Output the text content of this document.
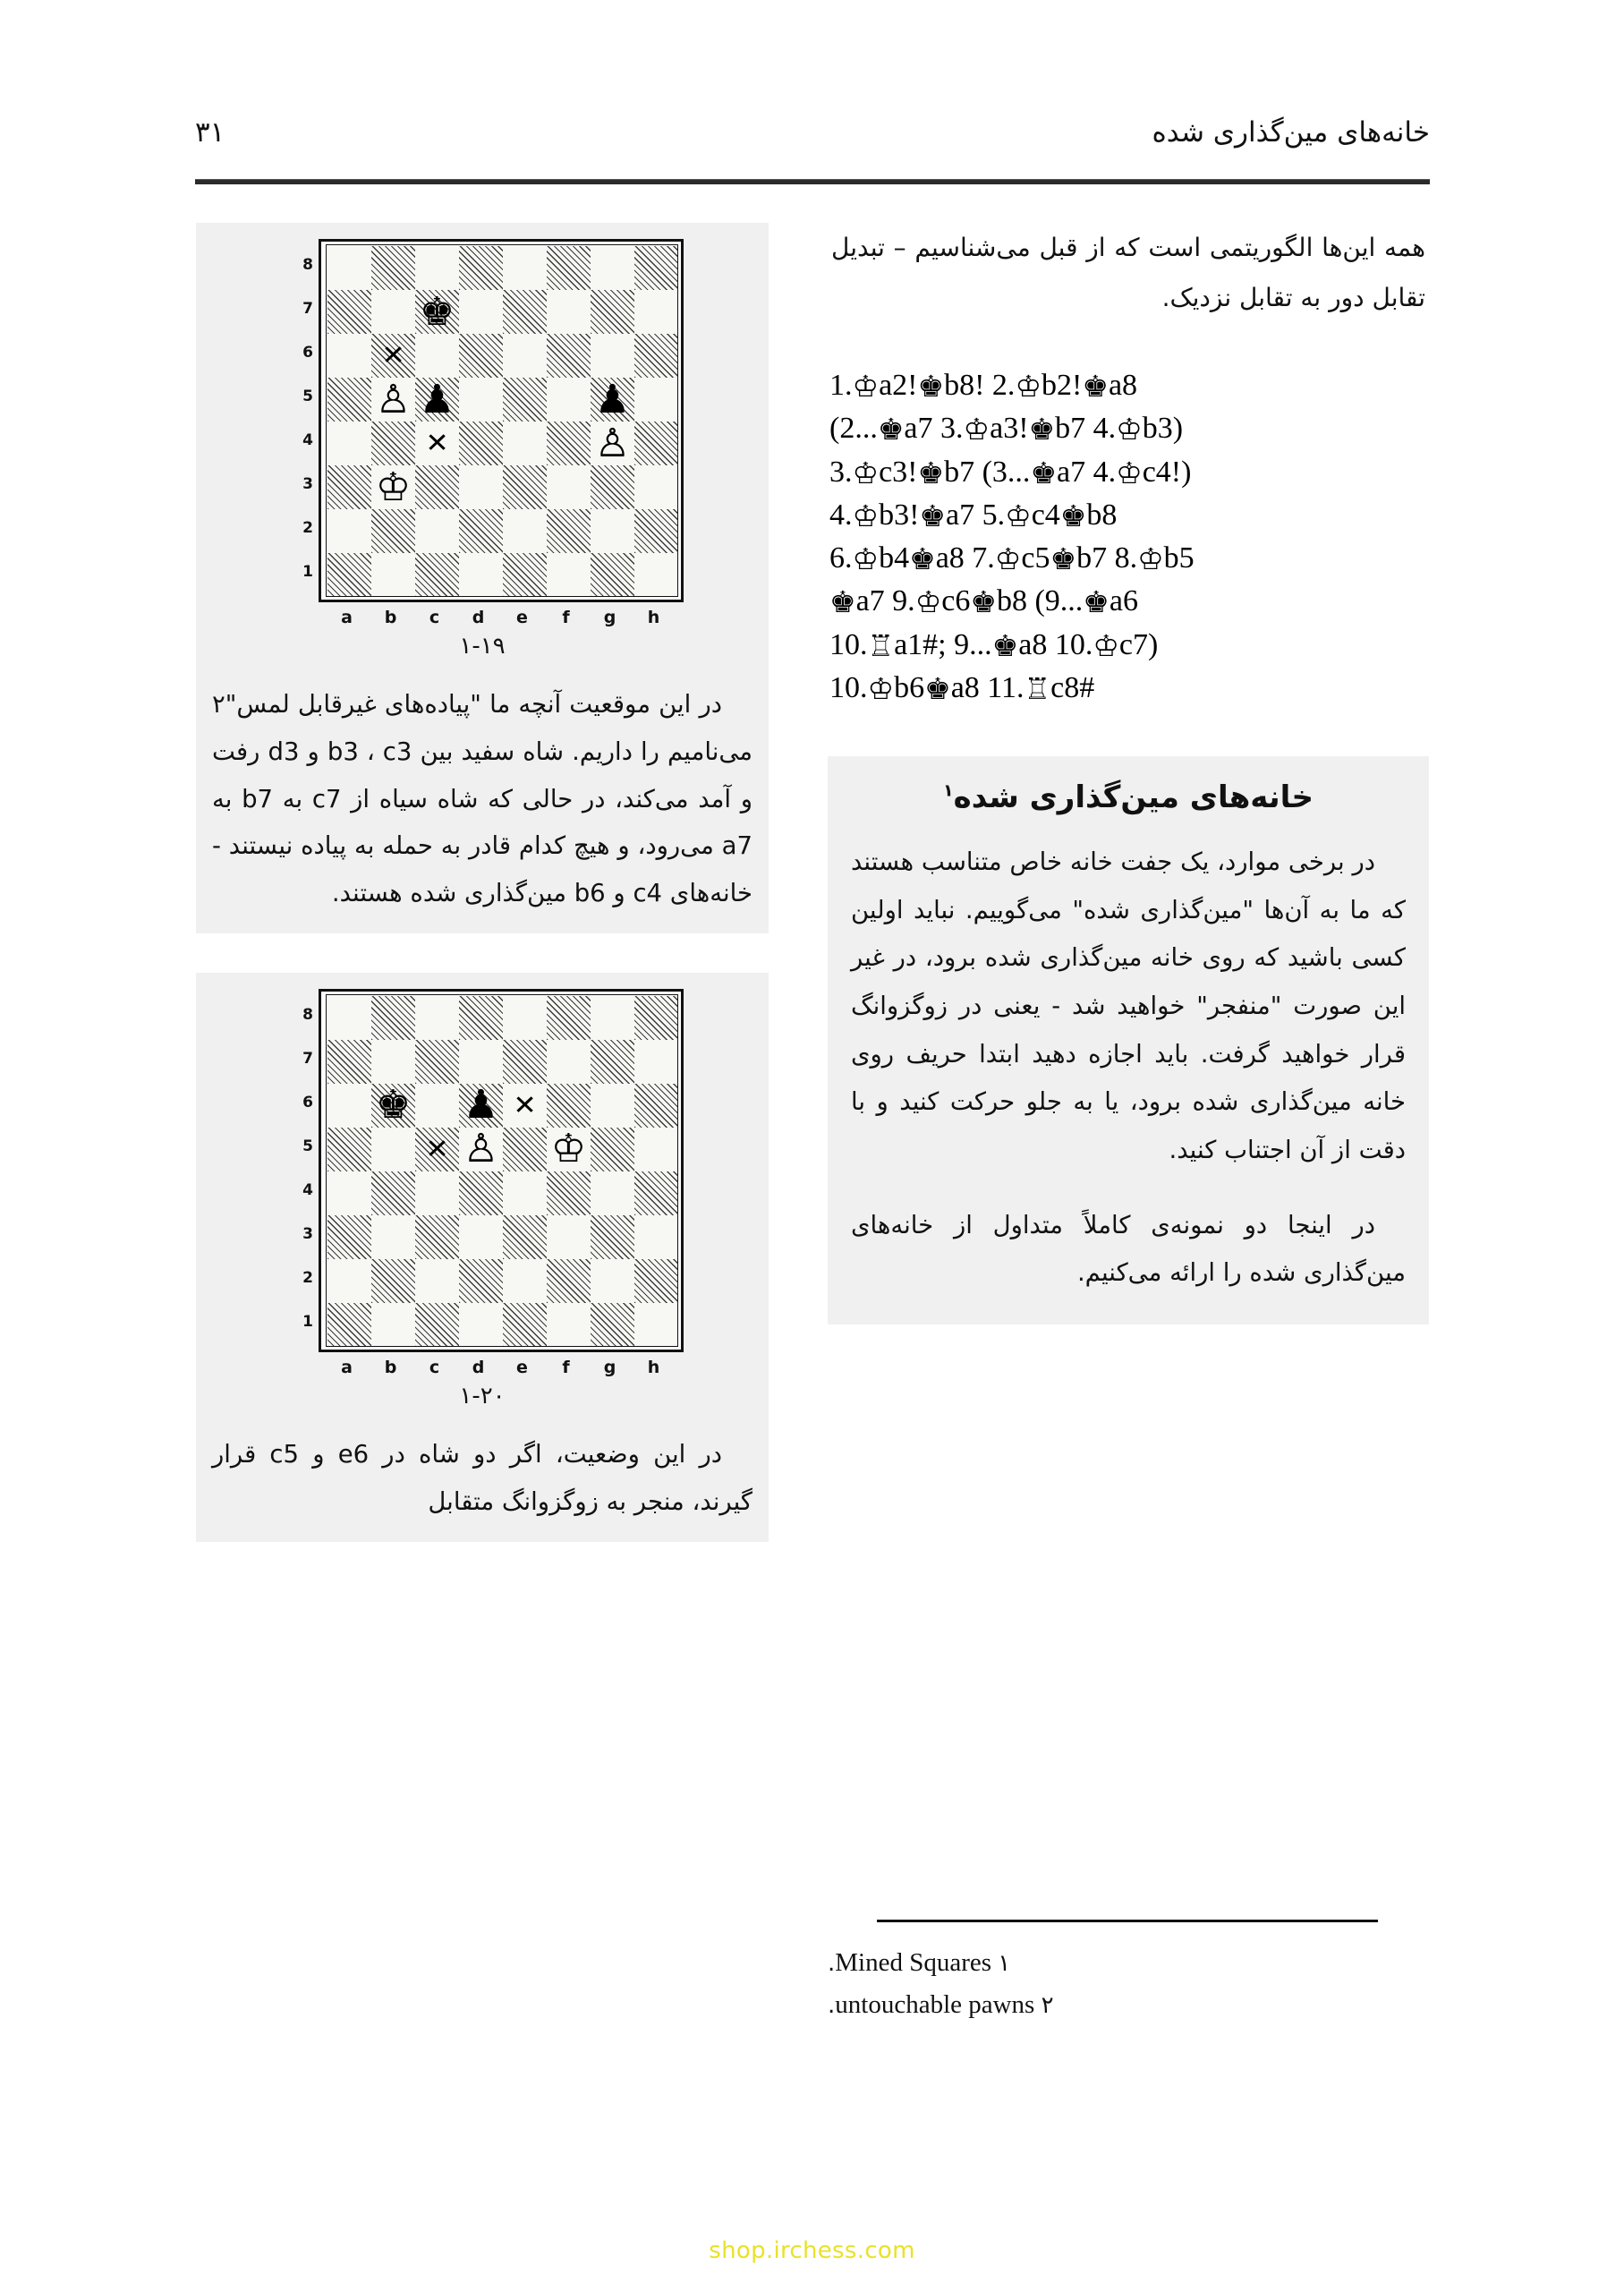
خانه‌های مین‌گذاری شده
۳۱
8
7
6
5
4
3
2
1
♚
♙ ♟	♟
♙
♔
✕
✕
a	b	c	d	e	f	g	h
۱-۱۹
در این موقعیت آنچه ما "پیاده‌های غیرقابل لمس"۲ می‌نامیم را داریم. شاه سفید بین b3 ، c3 و d3 رفت و آمد می‌کند، در حالی که شاه سیاه از c7 به b7 به a7 می‌رود، و هیچ کدام قادر به حمله به پیاده نیستند - خانه‌های c4 و b6 مین‌گذاری شده هستند.
8
7
6
5
4
3
2
1
♚ ♟
♙ ♔
✕
✕
a	b	c	d	e	f	g	h
۱-۲۰
در این وضعیت، اگر دو شاه در e6 و c5 قرار گیرند، منجر به زوگزوانگ متقابل
همه این‌ها الگوریتمی است که از قبل می‌شناسیم – تبدیل تقابل دور به تقابل نزدیک.
1.♔a2!♚b8! 2.♔b2!♚a8
(2...♚a7 3.♔a3!♚b7 4.♔b3)
3.♔c3!♚b7 (3...♚a7 4.♔c4!)
4.♔b3!♚a7 5.♔c4♚b8
6.♔b4♚a8 7.♔c5♚b7 8.♔b5
♚a7 9.♔c6♚b8 (9...♚a6
10.♖a1#; 9...♚a8 10.♔c7)
10.♔b6♚a8 11.♖c8#
خانه‌های مین‌گذاری شده$^۱$

در برخی موارد، یک جفت خانه خاص متناسب هستند که ما به آن‌ها "مین‌گذاری شده" می‌گوییم. نباید اولین کسی باشید که روی خانه مین‌گذاری شده برود، در غیر این صورت "منفجر" خواهید شد - یعنی در زوگزوانگ قرار خواهید گرفت. باید اجازه دهید ابتدا حریف روی خانه مین‌گذاری شده برود، یا به جلو حرکت کنید و با دقت از آن اجتناب کنید.

در اینجا دو نمونه‌ی کاملاً متداول از خانه‌های مین‌گذاری شده را ارائه می‌کنیم.

Mined Squares ۱.
untouchable pawns ۲.
shop.irchess.com
